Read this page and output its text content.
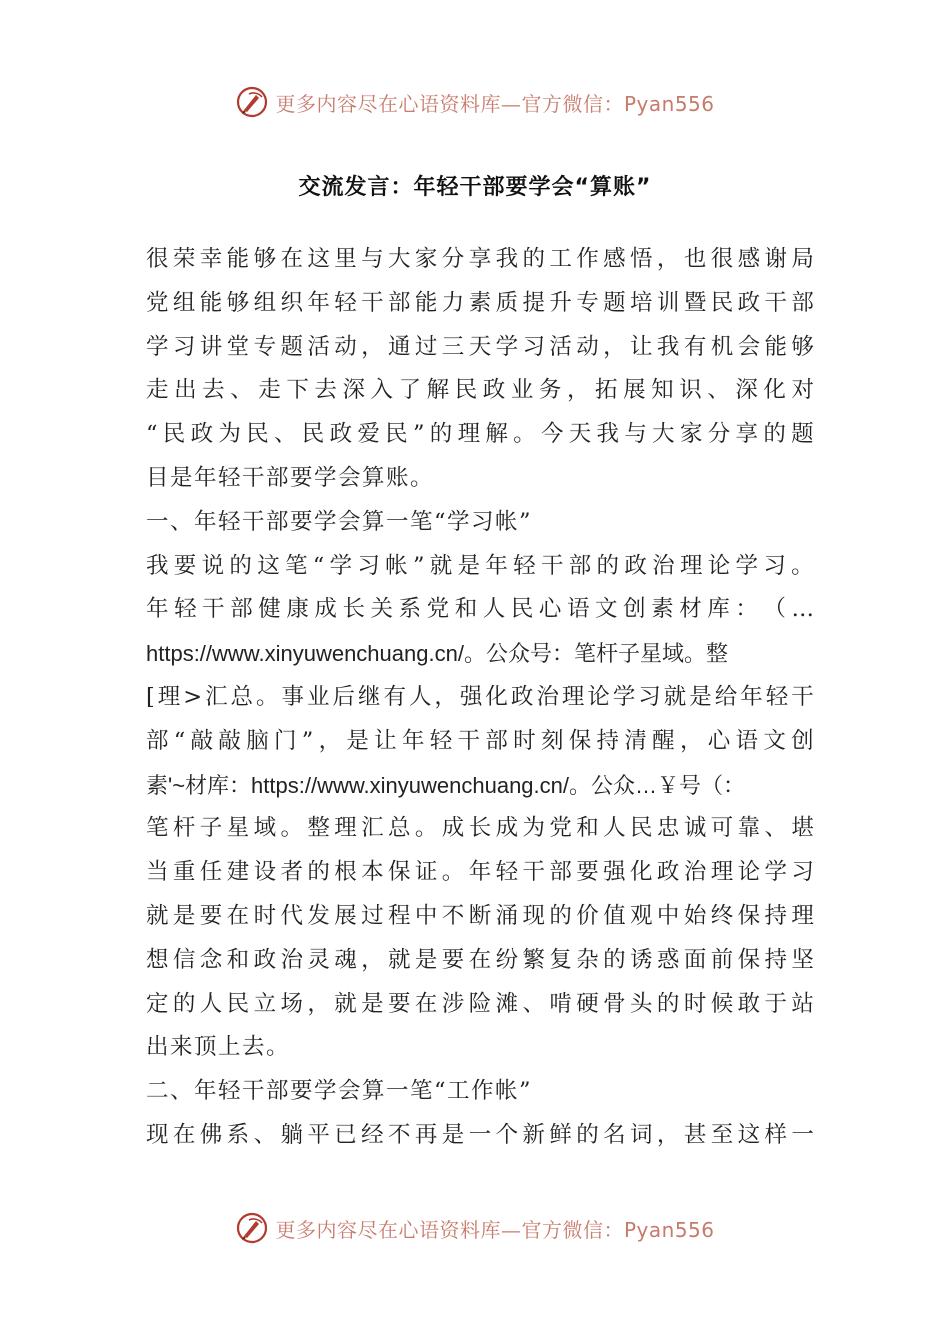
更多内容尽在心语资料库—官方微信：Pyan556
交流发言：年轻干部要学会“算账”
很 荣 幸 能 够 在 这 里 与 大 家 分 享 我 的 工 作 感 悟 ， 也 很 感 谢 局
党 组 能 够 组 织 年 轻 干 部 能 力 素 质 提 升 专 题 培 训 暨 民 政 干 部
学 习 讲 堂 专 题 活 动 ， 通 过 三 天 学 习 活 动 ， 让 我 有 机 会 能 够
走 出 去 、 走 下 去 深 入 了 解 民 政 业 务 ， 拓 展 知 识 、 深 化 对
“ 民 政 为 民 、 民 政 爱 民 ” 的 理 解 。 今 天 我 与 大 家 分 享 的 题
目是年轻干部要学会算账。
一、年轻干部要学会算一笔“学习帐”
我 要 说 的 这 笔 “ 学 习 帐 ” 就 是 年 轻 干 部 的 政 治 理 论 学 习 。
年 轻 干 部 健 康 成 长 关 系 党 和 人 民 心 语 文 创 素 材 库 ： （ …
https://www.xinyuwenchuang.cn/。公众号：笔杆子星域。整
[ 理 > 汇 总 。 事 业 后 继 有 人 ， 强 化 政 治 理 论 学 习 就 是 给 年 轻 干
部 “ 敲 敲 脑 门 ” ， 是 让 年 轻 干 部 时 刻 保 持 清 醒 ， 心 语 文 创
素'~材库：https://www.xinyuwenchuang.cn/。公众…￥号（：
笔 杆 子 星 域 。 整 理 汇 总 。 成 长 成 为 党 和 人 民 忠 诚 可 靠 、 堪
当 重 任 建 设 者 的 根 本 保 证 。 年 轻 干 部 要 强 化 政 治 理 论 学 习
就 是 要 在 时 代 发 展 过 程 中 不 断 涌 现 的 价 值 观 中 始 终 保 持 理
想 信 念 和 政 治 灵 魂 ， 就 是 要 在 纷 繁 复 杂 的 诱 惑 面 前 保 持 坚
定 的 人 民 立 场 ， 就 是 要 在 涉 险 滩 、 啃 硬 骨 头 的 时 候 敢 于 站
出来顶上去。
二、年轻干部要学会算一笔“工作帐”
现 在 佛 系 、 躺 平 已 经 不 再 是 一 个 新 鲜 的 名 词 ， 甚 至 这 样 一
更多内容尽在心语资料库—官方微信：Pyan556
